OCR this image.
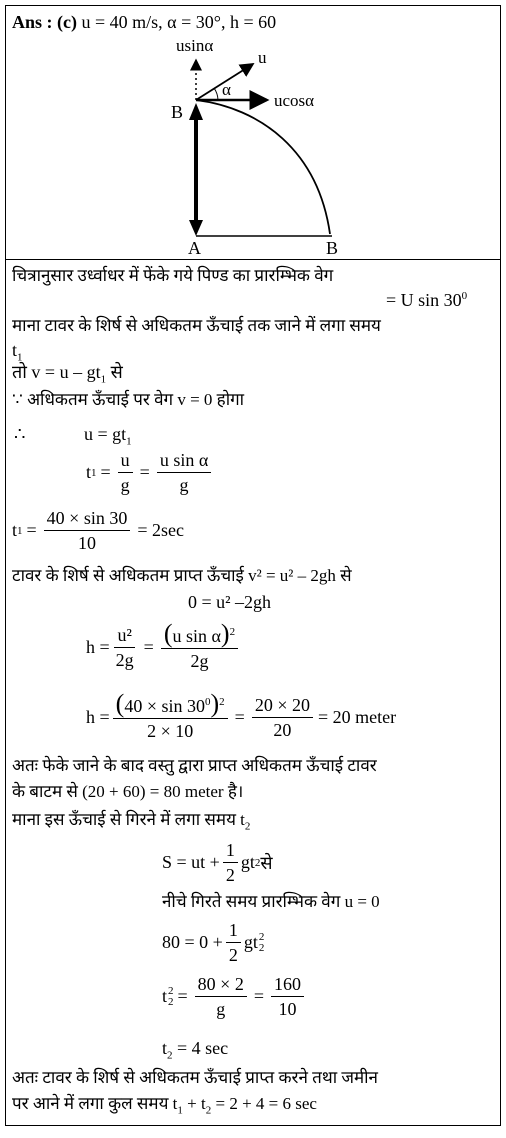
Ans : (c) u = 40 m/s, α = 30°, h = 60
usinα
u
α
ucosα
B
A	B
चित्रानुसार उर्ध्वाधर में फेंके गये पिण्ड का प्रारम्भिक वेग
= U $\sin 30^0$
माना टावर के शिर्ष से अधिकतम ऊँचाई तक जाने में लगा समय
$t_1$
तो $v = u - gt_1$ से
∵ अधिकतम ऊँचाई पर वेग v = 0 होगा
∴	$u = gt_1$
t $1 = \frac{u}{g} = \frac{\text{u sin α}}{g}$
t $1 = \frac{40 \times \sin 30}{10} = 2\sec$
टावर के शिर्ष से अधिकतम प्राप्त ऊँचाई v² = u² – 2gh से
0 = u² –2gh
$h = \frac{\text{u²}}{2g} = \frac{(u \sin \alpha)^2}{2g}$
$h = \frac{(40 \times \sin 30^0)^2}{2 \times 10} = \frac{20 \times 20}{20} = 20$ meter
अतः फेके जाने के बाद वस्तु द्वारा प्राप्त अधिकतम ऊँचाई टावर
के बाटम से (20 + 60) = 80 meter है।
माना इस ऊँचाई से गिरने में लगा समय $t_2$
S = ut + $\frac{1}{2}$ gt 2 से
नीचे गिरते समय प्रारम्भिक वेग u = 0
$80 = 0 + \frac{1}{2}$ gt 2
2
t 2
$2 = \frac{80 \times 2}{g} = \frac{160}{10}$
$t_2 = 4$ sec
अतः टावर के शिर्ष से अधिकतम ऊँचाई प्राप्त करने तथा जमीन
पर आने में लगा कुल समय $t_1 + t_2 = 2 + 4 = 6$ sec
